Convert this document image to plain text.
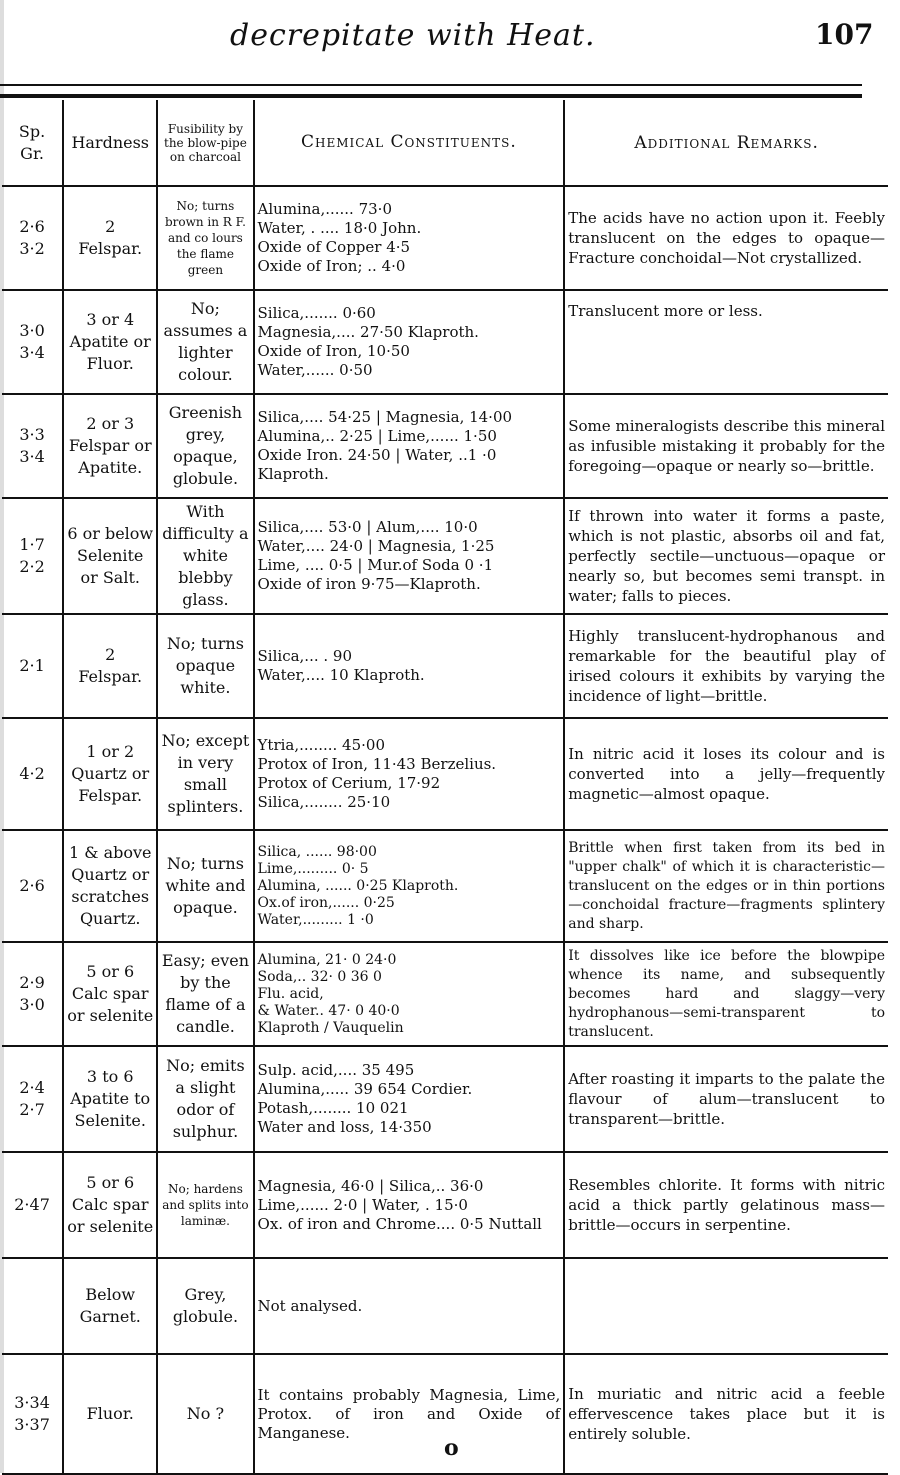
decrepitate with Heat.	107
Sp. Gr.	Hardness	Fusibility by the blow-pipe on charcoal	Chemical Constituents.	Additional Remarks.
2·6
3·2	2
Felspar.	No; turns brown in R F. and co lours the flame green	Alumina,...... 73·0
Water, . .... 18·0 John.
Oxide of Copper 4·5
Oxide of Iron; .. 4·0	The acids have no action upon it. Feebly translucent on the edges to opaque—Fracture conchoidal—Not crystallized.
3·0
3·4	3 or 4
Apatite or
Fluor.	No; assumes a lighter colour.	Silica,....... 0·60
Magnesia,.... 27·50 Klaproth.
Oxide of Iron, 10·50
Water,...... 0·50	Translucent more or less.
3·3
3·4	2 or 3
Felspar or
Apatite.	Greenish grey, opaque, globule.	Silica,.... 54·25 | Magnesia, 14·00
Alumina,.. 2·25 | Lime,...... 1·50
Oxide Iron. 24·50 | Water, ..1 ·0
Klaproth.	Some mineralogists describe this mineral as infusible mistaking it probably for the foregoing—opaque or nearly so—brittle.
1·7
2·2	6 or below
Selenite
or Salt.	With difficulty a white blebby glass.	Silica,.... 53·0 | Alum,.... 10·0
Water,.... 24·0 | Magnesia, 1·25
Lime, .... 0·5 | Mur.of Soda 0 ·1
Oxide of iron 9·75—Klaproth.	If thrown into water it forms a paste, which is not plastic, absorbs oil and fat, perfectly sectile—unctuous—opaque or nearly so, but becomes semi transpt. in water; falls to pieces.
2·1	2
Felspar.	No; turns opaque white.	Silica,... . 90
Water,.... 10 Klaproth.	Highly translucent-hydrophanous and remarkable for the beautiful play of irised colours it exhibits by varying the incidence of light—brittle.
4·2	1 or 2
Quartz or
Felspar.	No; except in very small splinters.	Ytria,........ 45·00
Protox of Iron, 11·43 Berzelius.
Protox of Cerium, 17·92
Silica,........ 25·10	In nitric acid it loses its colour and is converted into a jelly—frequently magnetic—almost opaque.
2·6	1 & above
Quartz or
scratches
Quartz.	No; turns white and opaque.	Silica, ...... 98·00
Lime,......... 0· 5
Alumina, ...... 0·25 Klaproth.
Ox.of iron,...... 0·25
Water,......... 1 ·0	Brittle when first taken from its bed in "upper chalk" of which it is characteristic—translucent on the edges or in thin portions—conchoidal fracture—fragments splintery and sharp.
2·9
3·0	5 or 6
Calc spar
or selenite	Easy; even by the flame of a candle.	Alumina, 21· 0 24·0
Soda,.. 32· 0 36 0
Flu. acid,
& Water.. 47· 0 40·0
Klaproth / Vauquelin	It dissolves like ice before the blowpipe whence its name, and subsequently becomes hard and slaggy—very hydrophanous—semi-transparent to translucent.
2·4
2·7	3 to 6
Apatite to
Selenite.	No; emits a slight odor of sulphur.	Sulp. acid,.... 35 495
Alumina,..... 39 654 Cordier.
Potash,........ 10 021
Water and loss, 14·350	After roasting it imparts to the palate the flavour of alum—translucent to transparent—brittle.
2·47	5 or 6
Calc spar
or selenite	No; hardens and splits into laminæ.	Magnesia, 46·0 | Silica,.. 36·0
Lime,...... 2·0 | Water, . 15·0
Ox. of iron and Chrome.... 0·5 Nuttall	Resembles chlorite. It forms with nitric acid a thick partly gelatinous mass—brittle—occurs in serpentine.
	Below
Garnet.	Grey, globule.	Not analysed.	
3·34
3·37	Fluor.	No ?	It contains probably Magnesia, Lime, Protox. of iron and Oxide of Manganese.	In muriatic and nitric acid a feeble effervescence takes place but it is entirely soluble.
o
